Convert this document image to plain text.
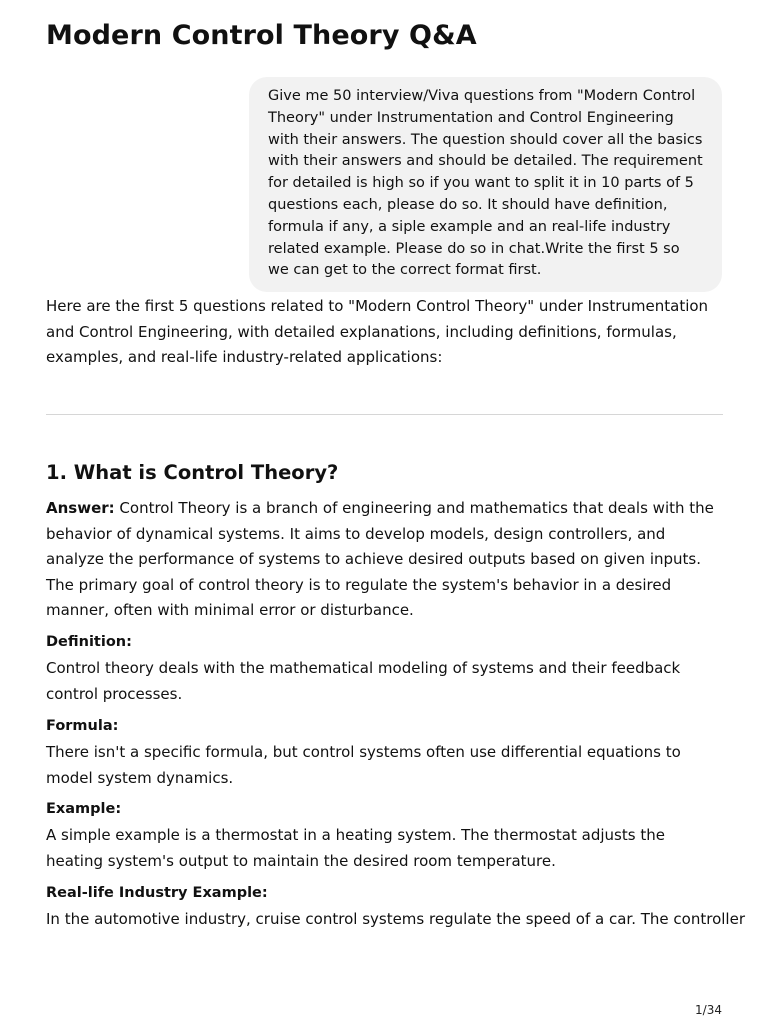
Modern Control Theory Q&A
Give me 50 interview/Viva questions from "Modern Control Theory" under Instrumentation and Control Engineering with their answers. The question should cover all the basics with their answers and should be detailed. The requirement for detailed is high so if you want to split it in 10 parts of 5 questions each, please do so. It should have definition, formula if any, a siple example and an real-life industry related example. Please do so in chat.Write the first 5 so we can get to the correct format first.

Here are the first 5 questions related to "Modern Control Theory" under Instrumentation and Control Engineering, with detailed explanations, including definitions, formulas, examples, and real-life industry-related applications:

1. What is Control Theory?

Answer: Control Theory is a branch of engineering and mathematics that deals with the behavior of dynamical systems. It aims to develop models, design controllers, and analyze the performance of systems to achieve desired outputs based on given inputs. The primary goal of control theory is to regulate the system's behavior in a desired manner, often with minimal error or disturbance.

Definition:

Control theory deals with the mathematical modeling of systems and their feedback control processes.

Formula:

There isn't a specific formula, but control systems often use differential equations to model system dynamics.

Example:

A simple example is a thermostat in a heating system. The thermostat adjusts the heating system's output to maintain the desired room temperature.

Real-life Industry Example:

In the automotive industry, cruise control systems regulate the speed of a car. The controller

1/34
